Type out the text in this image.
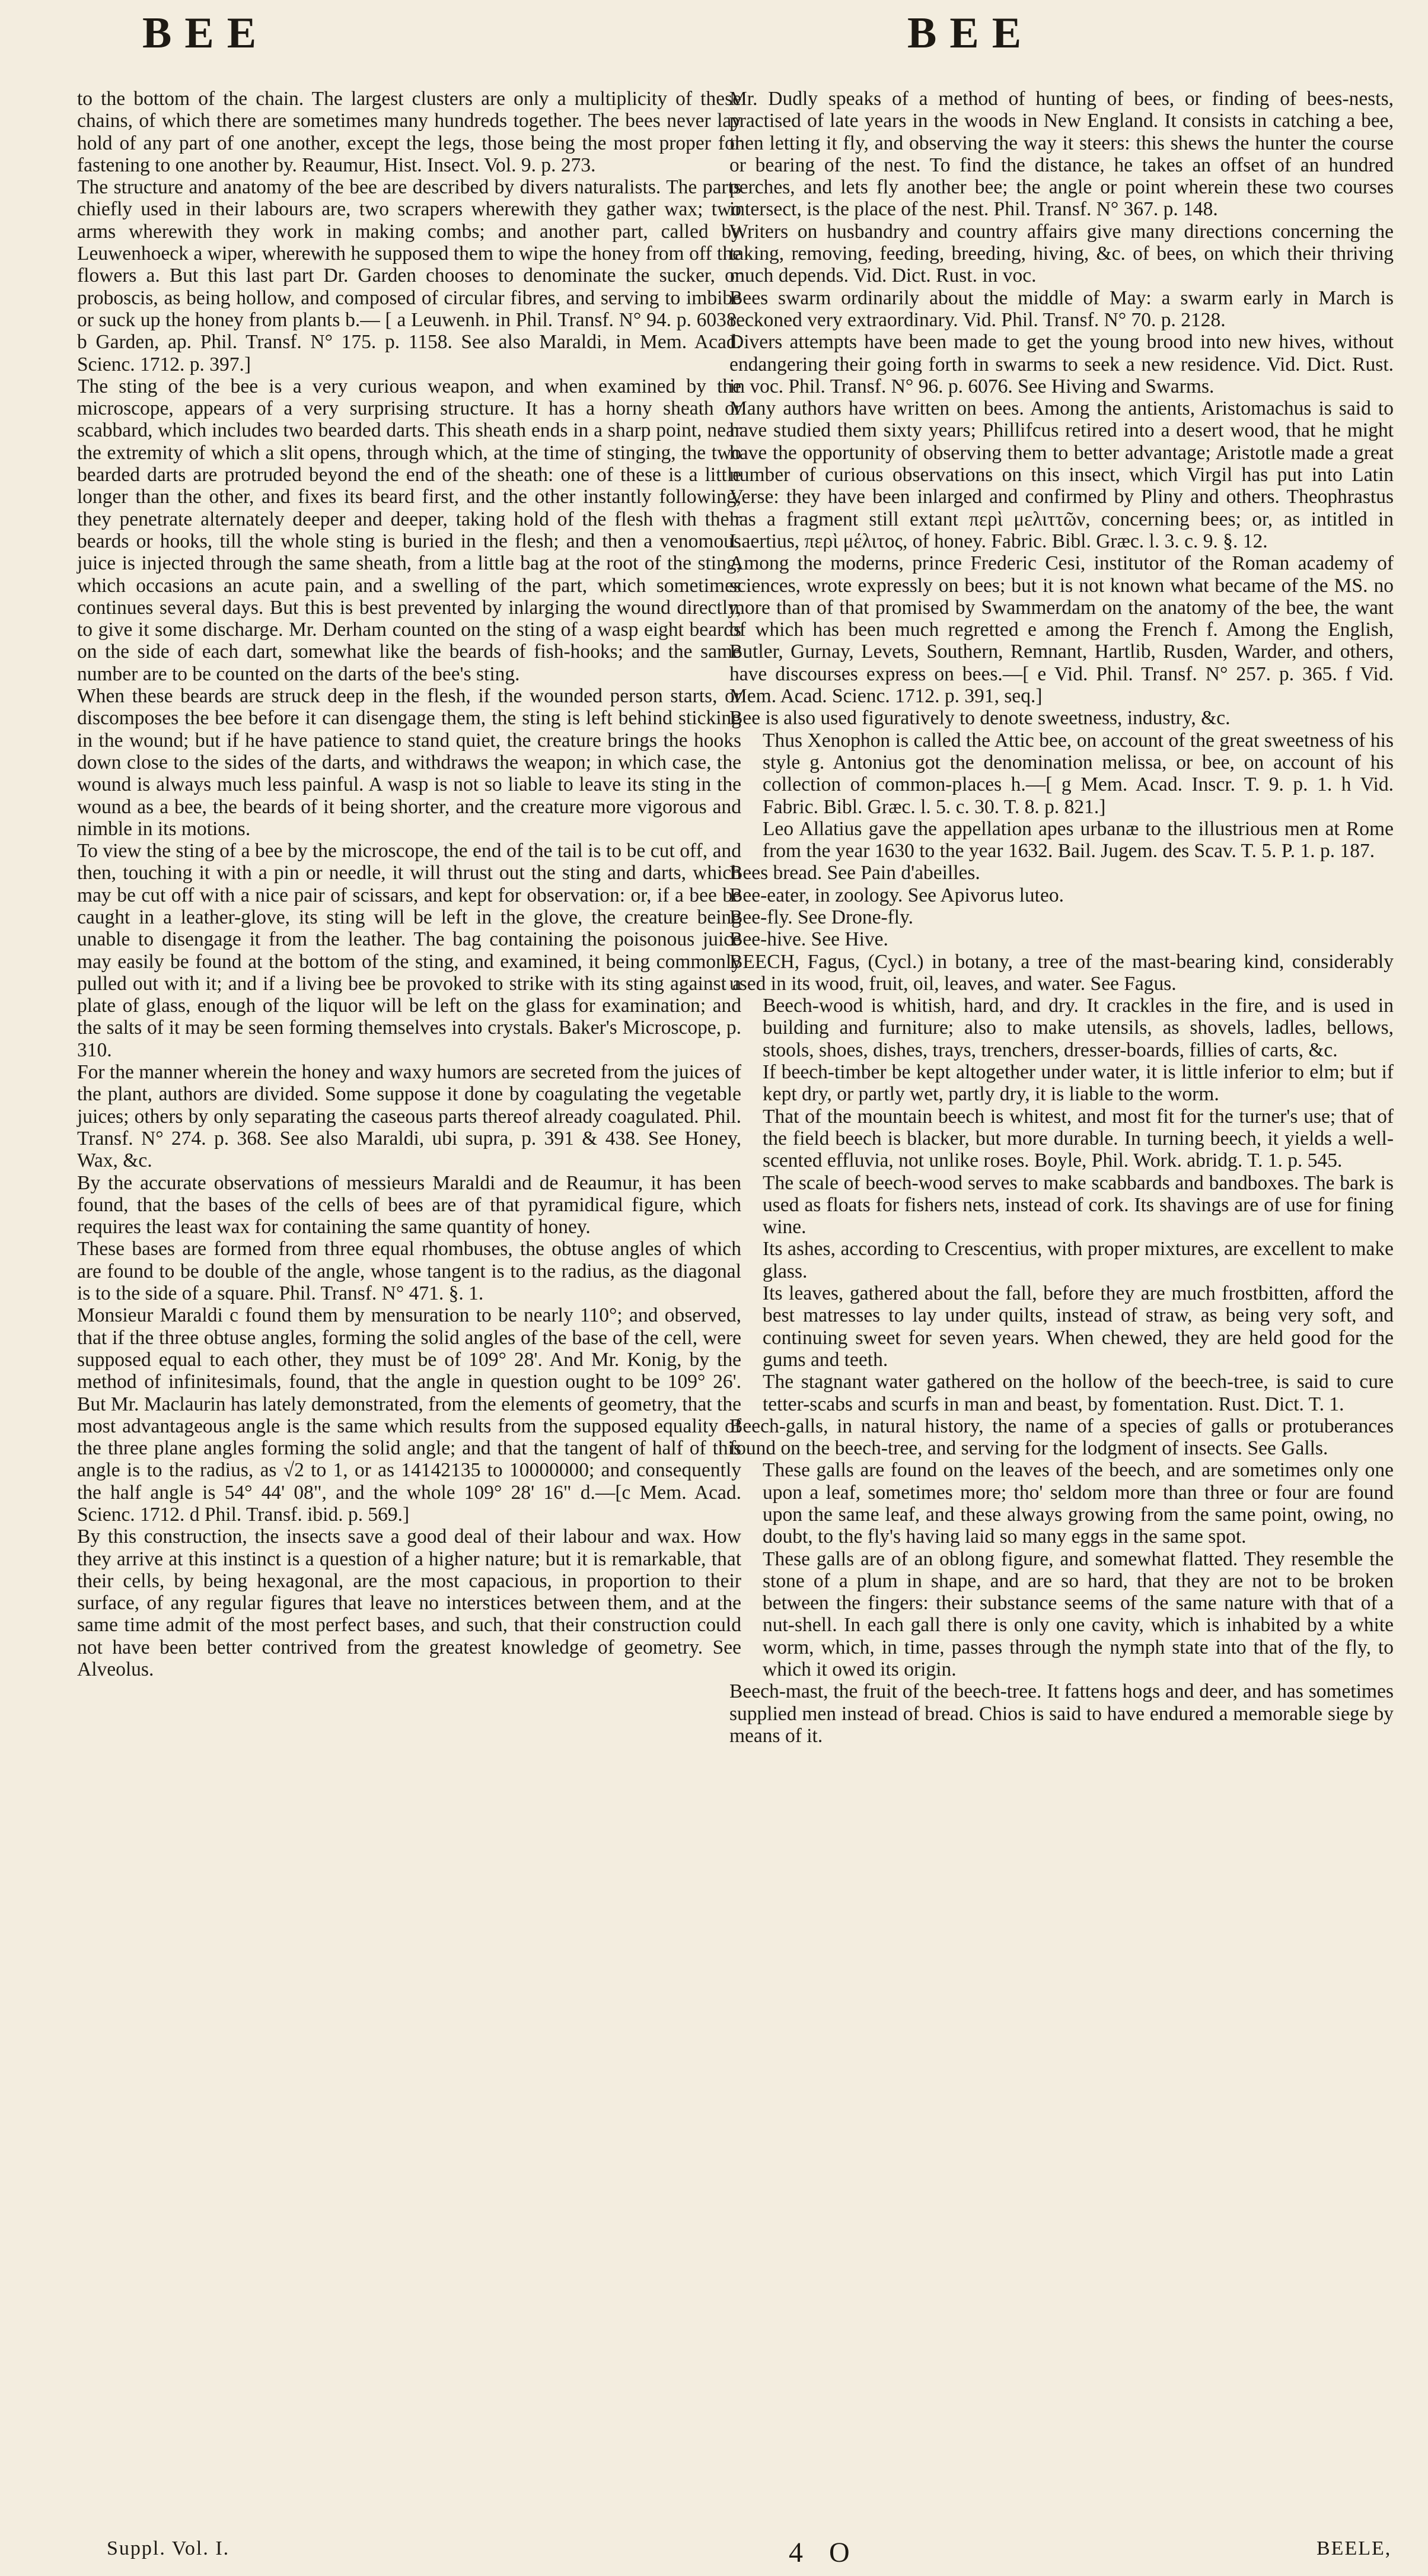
BEE	BEE

to the bottom of the chain. The largest clusters are only a multiplicity of these chains, of which there are sometimes many hundreds together. The bees never lay hold of any part of one another, except the legs, those being the most proper for fastening to one another by. Reaumur, Hist. Insect. Vol. 9. p. 273.

The structure and anatomy of the bee are described by divers naturalists. The parts chiefly used in their labours are, two scrapers wherewith they gather wax; two arms wherewith they work in making combs; and another part, called by Leuwenhoeck a wiper, wherewith he supposed them to wipe the honey from off the flowers a. But this last part Dr. Garden chooses to denominate the sucker, or proboscis, as being hollow, and composed of circular fibres, and serving to imbibe or suck up the honey from plants b.— [ a Leuwenh. in Phil. Transf. N° 94. p. 6038. b Garden, ap. Phil. Transf. N° 175. p. 1158. See also Maraldi, in Mem. Acad. Scienc. 1712. p. 397.]

The sting of the bee is a very curious weapon, and when examined by the microscope, appears of a very surprising structure. It has a horny sheath or scabbard, which includes two bearded darts. This sheath ends in a sharp point, near the extremity of which a slit opens, through which, at the time of stinging, the two bearded darts are protruded beyond the end of the sheath: one of these is a little longer than the other, and fixes its beard first, and the other instantly following, they penetrate alternately deeper and deeper, taking hold of the flesh with their beards or hooks, till the whole sting is buried in the flesh; and then a venomous juice is injected through the same sheath, from a little bag at the root of the sting, which occasions an acute pain, and a swelling of the part, which sometimes continues several days. But this is best prevented by inlarging the wound directly, to give it some discharge. Mr. Derham counted on the sting of a wasp eight beards on the side of each dart, somewhat like the beards of fish-hooks; and the same number are to be counted on the darts of the bee's sting.

When these beards are struck deep in the flesh, if the wounded person starts, or discomposes the bee before it can disengage them, the sting is left behind sticking in the wound; but if he have patience to stand quiet, the creature brings the hooks down close to the sides of the darts, and withdraws the weapon; in which case, the wound is always much less painful. A wasp is not so liable to leave its sting in the wound as a bee, the beards of it being shorter, and the creature more vigorous and nimble in its motions.

To view the sting of a bee by the microscope, the end of the tail is to be cut off, and then, touching it with a pin or needle, it will thrust out the sting and darts, which may be cut off with a nice pair of scissars, and kept for observation: or, if a bee be caught in a leather-glove, its sting will be left in the glove, the creature being unable to disengage it from the leather. The bag containing the poisonous juice may easily be found at the bottom of the sting, and examined, it being commonly pulled out with it; and if a living bee be provoked to strike with its sting against a plate of glass, enough of the liquor will be left on the glass for examination; and the salts of it may be seen forming themselves into crystals. Baker's Microscope, p. 310.

For the manner wherein the honey and waxy humors are secreted from the juices of the plant, authors are divided. Some suppose it done by coagulating the vegetable juices; others by only separating the caseous parts thereof already coagulated. Phil. Transf. N° 274. p. 368. See also Maraldi, ubi supra, p. 391 & 438. See Honey, Wax, &c.

By the accurate observations of messieurs Maraldi and de Reaumur, it has been found, that the bases of the cells of bees are of that pyramidical figure, which requires the least wax for containing the same quantity of honey.

These bases are formed from three equal rhombuses, the obtuse angles of which are found to be double of the angle, whose tangent is to the radius, as the diagonal is to the side of a square. Phil. Transf. N° 471. §. 1.

Monsieur Maraldi c found them by mensuration to be nearly 110°; and observed, that if the three obtuse angles, forming the solid angles of the base of the cell, were supposed equal to each other, they must be of 109° 28'. And Mr. Konig, by the method of infinitesimals, found, that the angle in question ought to be 109° 26'. But Mr. Maclaurin has lately demonstrated, from the elements of geometry, that the most advantageous angle is the same which results from the supposed equality of the three plane angles forming the solid angle; and that the tangent of half of this angle is to the radius, as √2 to 1, or as 14142135 to 10000000; and consequently the half angle is 54° 44' 08", and the whole 109° 28' 16" d.—[c Mem. Acad. Scienc. 1712. d Phil. Transf. ibid. p. 569.]

By this construction, the insects save a good deal of their labour and wax. How they arrive at this instinct is a question of a higher nature; but it is remarkable, that their cells, by being hexagonal, are the most capacious, in proportion to their surface, of any regular figures that leave no interstices between them, and at the same time admit of the most perfect bases, and such, that their construction could not have been better contrived from the greatest knowledge of geometry. See Alveolus.

Mr. Dudly speaks of a method of hunting of bees, or finding of bees-nests, practised of late years in the woods in New England. It consists in catching a bee, then letting it fly, and observing the way it steers: this shews the hunter the course or bearing of the nest. To find the distance, he takes an offset of an hundred perches, and lets fly another bee; the angle or point wherein these two courses intersect, is the place of the nest. Phil. Transf. N° 367. p. 148.

Writers on husbandry and country affairs give many directions concerning the taking, removing, feeding, breeding, hiving, &c. of bees, on which their thriving much depends. Vid. Dict. Rust. in voc.

Bees swarm ordinarily about the middle of May: a swarm early in March is reckoned very extraordinary. Vid. Phil. Transf. N° 70. p. 2128.

Divers attempts have been made to get the young brood into new hives, without endangering their going forth in swarms to seek a new residence. Vid. Dict. Rust. in voc. Phil. Transf. N° 96. p. 6076. See Hiving and Swarms.

Many authors have written on bees. Among the antients, Aristomachus is said to have studied them sixty years; Phillifcus retired into a desert wood, that he might have the opportunity of observing them to better advantage; Aristotle made a great number of curious observations on this insect, which Virgil has put into Latin Verse: they have been inlarged and confirmed by Pliny and others. Theophrastus has a fragment still extant περὶ μελιττῶν, concerning bees; or, as intitled in Laertius, περὶ μέλιτος, of honey. Fabric. Bibl. Græc. l. 3. c. 9. §. 12.

Among the moderns, prince Frederic Cesi, institutor of the Roman academy of sciences, wrote expressly on bees; but it is not known what became of the MS. no more than of that promised by Swammerdam on the anatomy of the bee, the want of which has been much regretted e among the French f. Among the English, Butler, Gurnay, Levets, Southern, Remnant, Hartlib, Rusden, Warder, and others, have discourses express on bees.—[ e Vid. Phil. Transf. N° 257. p. 365. f Vid. Mem. Acad. Scienc. 1712. p. 391, seq.]

Bee is also used figuratively to denote sweetness, industry, &c.

Thus Xenophon is called the Attic bee, on account of the great sweetness of his style g. Antonius got the denomination melissa, or bee, on account of his collection of common-places h.—[ g Mem. Acad. Inscr. T. 9. p. 1. h Vid. Fabric. Bibl. Græc. l. 5. c. 30. T. 8. p. 821.]

Leo Allatius gave the appellation apes urbanæ to the illustrious men at Rome from the year 1630 to the year 1632. Bail. Jugem. des Scav. T. 5. P. 1. p. 187.

Bees bread. See Pain d'abeilles.

Bee-eater, in zoology. See Apivorus luteo.

Bee-fly. See Drone-fly.

Bee-hive. See Hive.

BEECH, Fagus, (Cycl.) in botany, a tree of the mast-bearing kind, considerably used in its wood, fruit, oil, leaves, and water. See Fagus.

Beech-wood is whitish, hard, and dry. It crackles in the fire, and is used in building and furniture; also to make utensils, as shovels, ladles, bellows, stools, shoes, dishes, trays, trenchers, dresser-boards, fillies of carts, &c.

If beech-timber be kept altogether under water, it is little inferior to elm; but if kept dry, or partly wet, partly dry, it is liable to the worm.

That of the mountain beech is whitest, and most fit for the turner's use; that of the field beech is blacker, but more durable. In turning beech, it yields a well-scented effluvia, not unlike roses. Boyle, Phil. Work. abridg. T. 1. p. 545.

The scale of beech-wood serves to make scabbards and bandboxes. The bark is used as floats for fishers nets, instead of cork. Its shavings are of use for fining wine.

Its ashes, according to Crescentius, with proper mixtures, are excellent to make glass.

Its leaves, gathered about the fall, before they are much frostbitten, afford the best matresses to lay under quilts, instead of straw, as being very soft, and continuing sweet for seven years. When chewed, they are held good for the gums and teeth.

The stagnant water gathered on the hollow of the beech-tree, is said to cure tetter-scabs and scurfs in man and beast, by fomentation. Rust. Dict. T. 1.

Beech-galls, in natural history, the name of a species of galls or protuberances found on the beech-tree, and serving for the lodgment of insects. See Galls.

These galls are found on the leaves of the beech, and are sometimes only one upon a leaf, sometimes more; tho' seldom more than three or four are found upon the same leaf, and these always growing from the same point, owing, no doubt, to the fly's having laid so many eggs in the same spot.

These galls are of an oblong figure, and somewhat flatted. They resemble the stone of a plum in shape, and are so hard, that they are not to be broken between the fingers: their substance seems of the same nature with that of a nut-shell. In each gall there is only one cavity, which is inhabited by a white worm, which, in time, passes through the nymph state into that of the fly, to which it owed its origin.

Beech-mast, the fruit of the beech-tree. It fattens hogs and deer, and has sometimes supplied men instead of bread. Chios is said to have endured a memorable siege by means of it.

Suppl. Vol. I.	4 O	BEELE,
